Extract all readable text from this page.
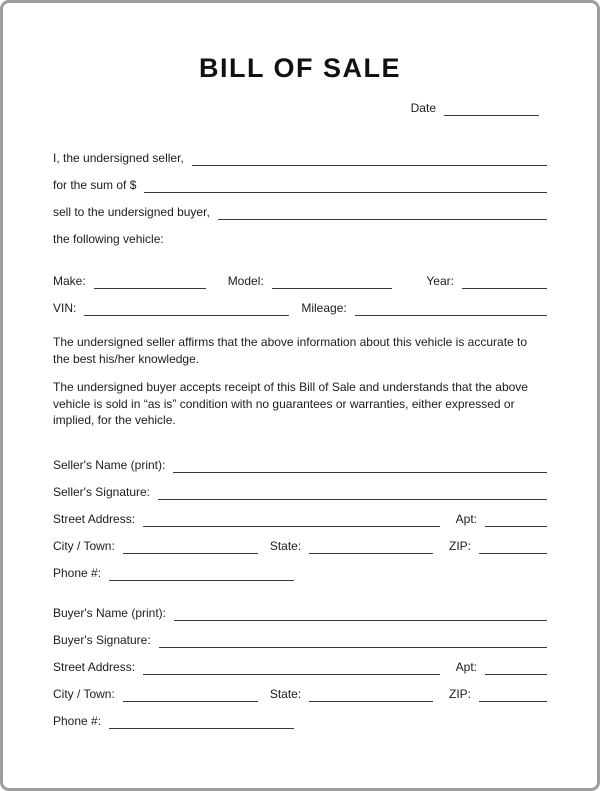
BILL OF SALE
Date
I, the undersigned seller,
for the sum of $
sell to the undersigned buyer,
the following vehicle:
Make:	Model:	Year:
VIN:	Mileage:

The undersigned seller affirms that the above information about this vehicle is accurate to the best his/her knowledge.

The undersigned buyer accepts receipt of this Bill of Sale and understands that the above vehicle is sold in “as is” condition with no guarantees or warranties, either expressed or implied, for the vehicle.

Seller's Name (print):
Seller's Signature:
Street Address:	Apt:
City / Town:	State:	ZIP:
Phone #:
Buyer's Name (print):
Buyer's Signature:
Street Address:	Apt:
City / Town:	State:	ZIP:
Phone #:
